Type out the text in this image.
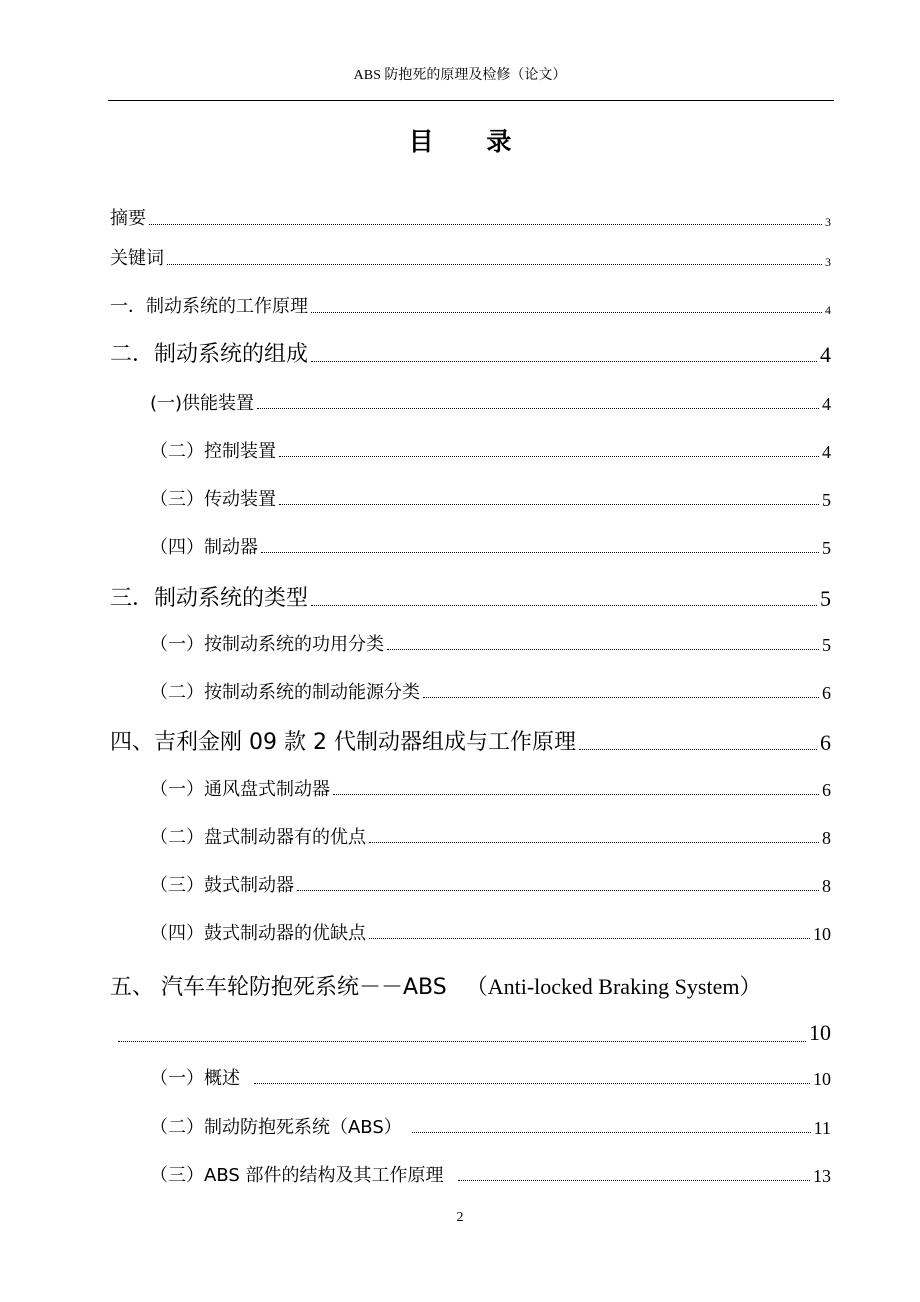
ABS 防抱死的原理及检修（论文）
目 录
摘要	3
关键词	3
一．制动系统的工作原理	4
二．制动系统的组成	4
(一)供能装置	4
（二）控制装置	4
（三）传动装置	5
（四）制动器	5
三．制动系统的类型	5
（一）按制动系统的功用分类	5
（二）按制动系统的制动能源分类	6
四、吉利金刚 09 款 2 代制动器组成与工作原理	6
（一）通风盘式制动器	6
（二）盘式制动器有的优点	8
（三）鼓式制动器	8
（四）鼓式制动器的优缺点	10
五、 汽车车轮防抱死系统－－ABS （Anti-locked Braking System）
10
（一）概述	10
（二）制动防抱死系统（ABS）	11
（三）ABS 部件的结构及其工作原理	13
2
